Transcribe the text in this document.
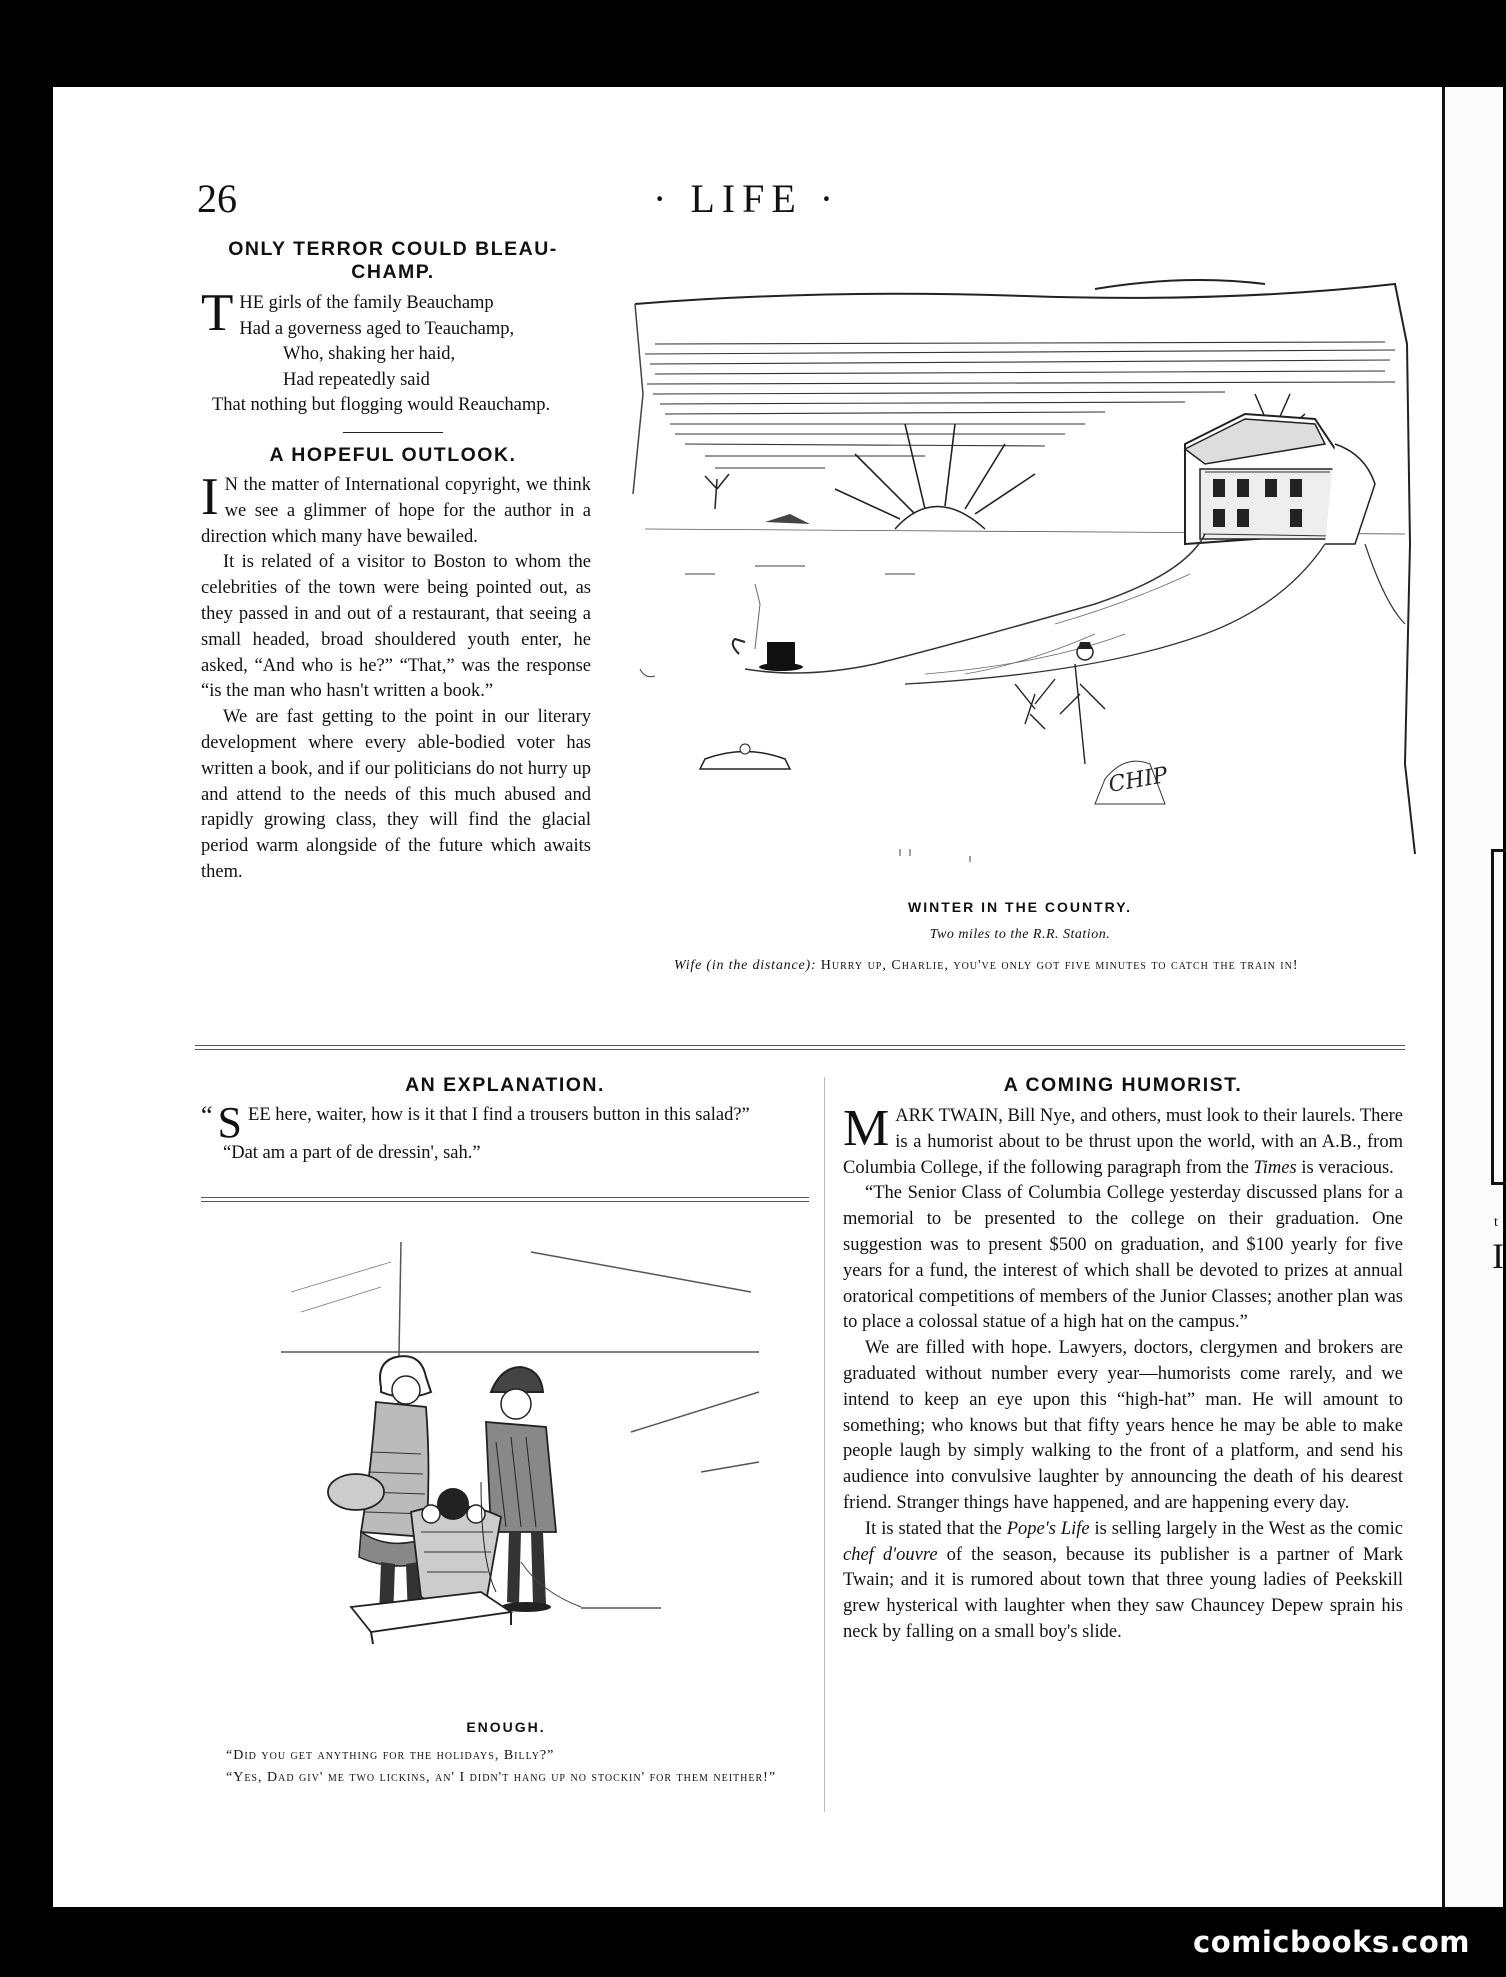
26	· LIFE ·
ONLY TERROR COULD BLEAU-
CHAMP.
T HE girls of the family Beauchamp
Had a governess aged to Teauchamp,
Who, shaking her haid,
Had repeatedly said
That nothing but flogging would Reauchamp.
A HOPEFUL OUTLOOK.

I N the matter of International copyright, we think we see a glimmer of hope for the author in a direction which many have bewailed.

It is related of a visitor to Boston to whom the celebrities of the town were being pointed out, as they passed in and out of a restaurant, that seeing a small headed, broad shouldered youth enter, he asked, “And who is he?” “That,” was the response “is the man who hasn't written a book.”

We are fast getting to the point in our literary development where every able-bodied voter has written a book, and if our politicians do not hurry up and attend to the needs of this much abused and rapidly growing class, they will find the glacial period warm alongside of the future which awaits them.

CHIP
WINTER IN THE COUNTRY.
Two miles to the R.R. Station.
Wife (in the distance): Hurry up, Charlie, you've only got five minutes to catch the train in!
AN EXPLANATION.

“ S EE here, waiter, how is it that I find a trousers button in this salad?”

“Dat am a part of de dressin', sah.”

ENOUGH.
“Did you get anything for the holidays, Billy?”
“Yes, Dad giv' me two lickins, an' I didn't hang up no stockin' for them neither!”
A COMING HUMORIST.

MARK TWAIN, Bill Nye, and others, must look to their laurels. There is a humorist about to be thrust upon the world, with an A.B., from Columbia College, if the following paragraph from the Times is veracious.

“The Senior Class of Columbia College yesterday discussed plans for a memorial to be presented to the college on their graduation. One suggestion was to present $500 on graduation, and $100 yearly for five years for a fund, the interest of which shall be devoted to prizes at annual oratorical competitions of members of the Junior Classes; another plan was to place a colossal statue of a high hat on the campus.”

We are filled with hope. Lawyers, doctors, clergymen and brokers are graduated without number every year—humorists come rarely, and we intend to keep an eye upon this “high-hat” man. He will amount to something; who knows but that fifty years hence he may be able to make people laugh by simply walking to the front of a platform, and send his audience into convulsive laughter by announcing the death of his dearest friend. Stranger things have happened, and are happening every day.

It is stated that the Pope's Life is selling largely in the West as the comic chef d'ouvre of the season, because its publisher is a partner of Mark Twain; and it is rumored about town that three young ladies of Peekskill grew hysterical with laughter when they saw Chauncey Depew sprain his neck by falling on a small boy's slide.

t
I
comicbooks.com
